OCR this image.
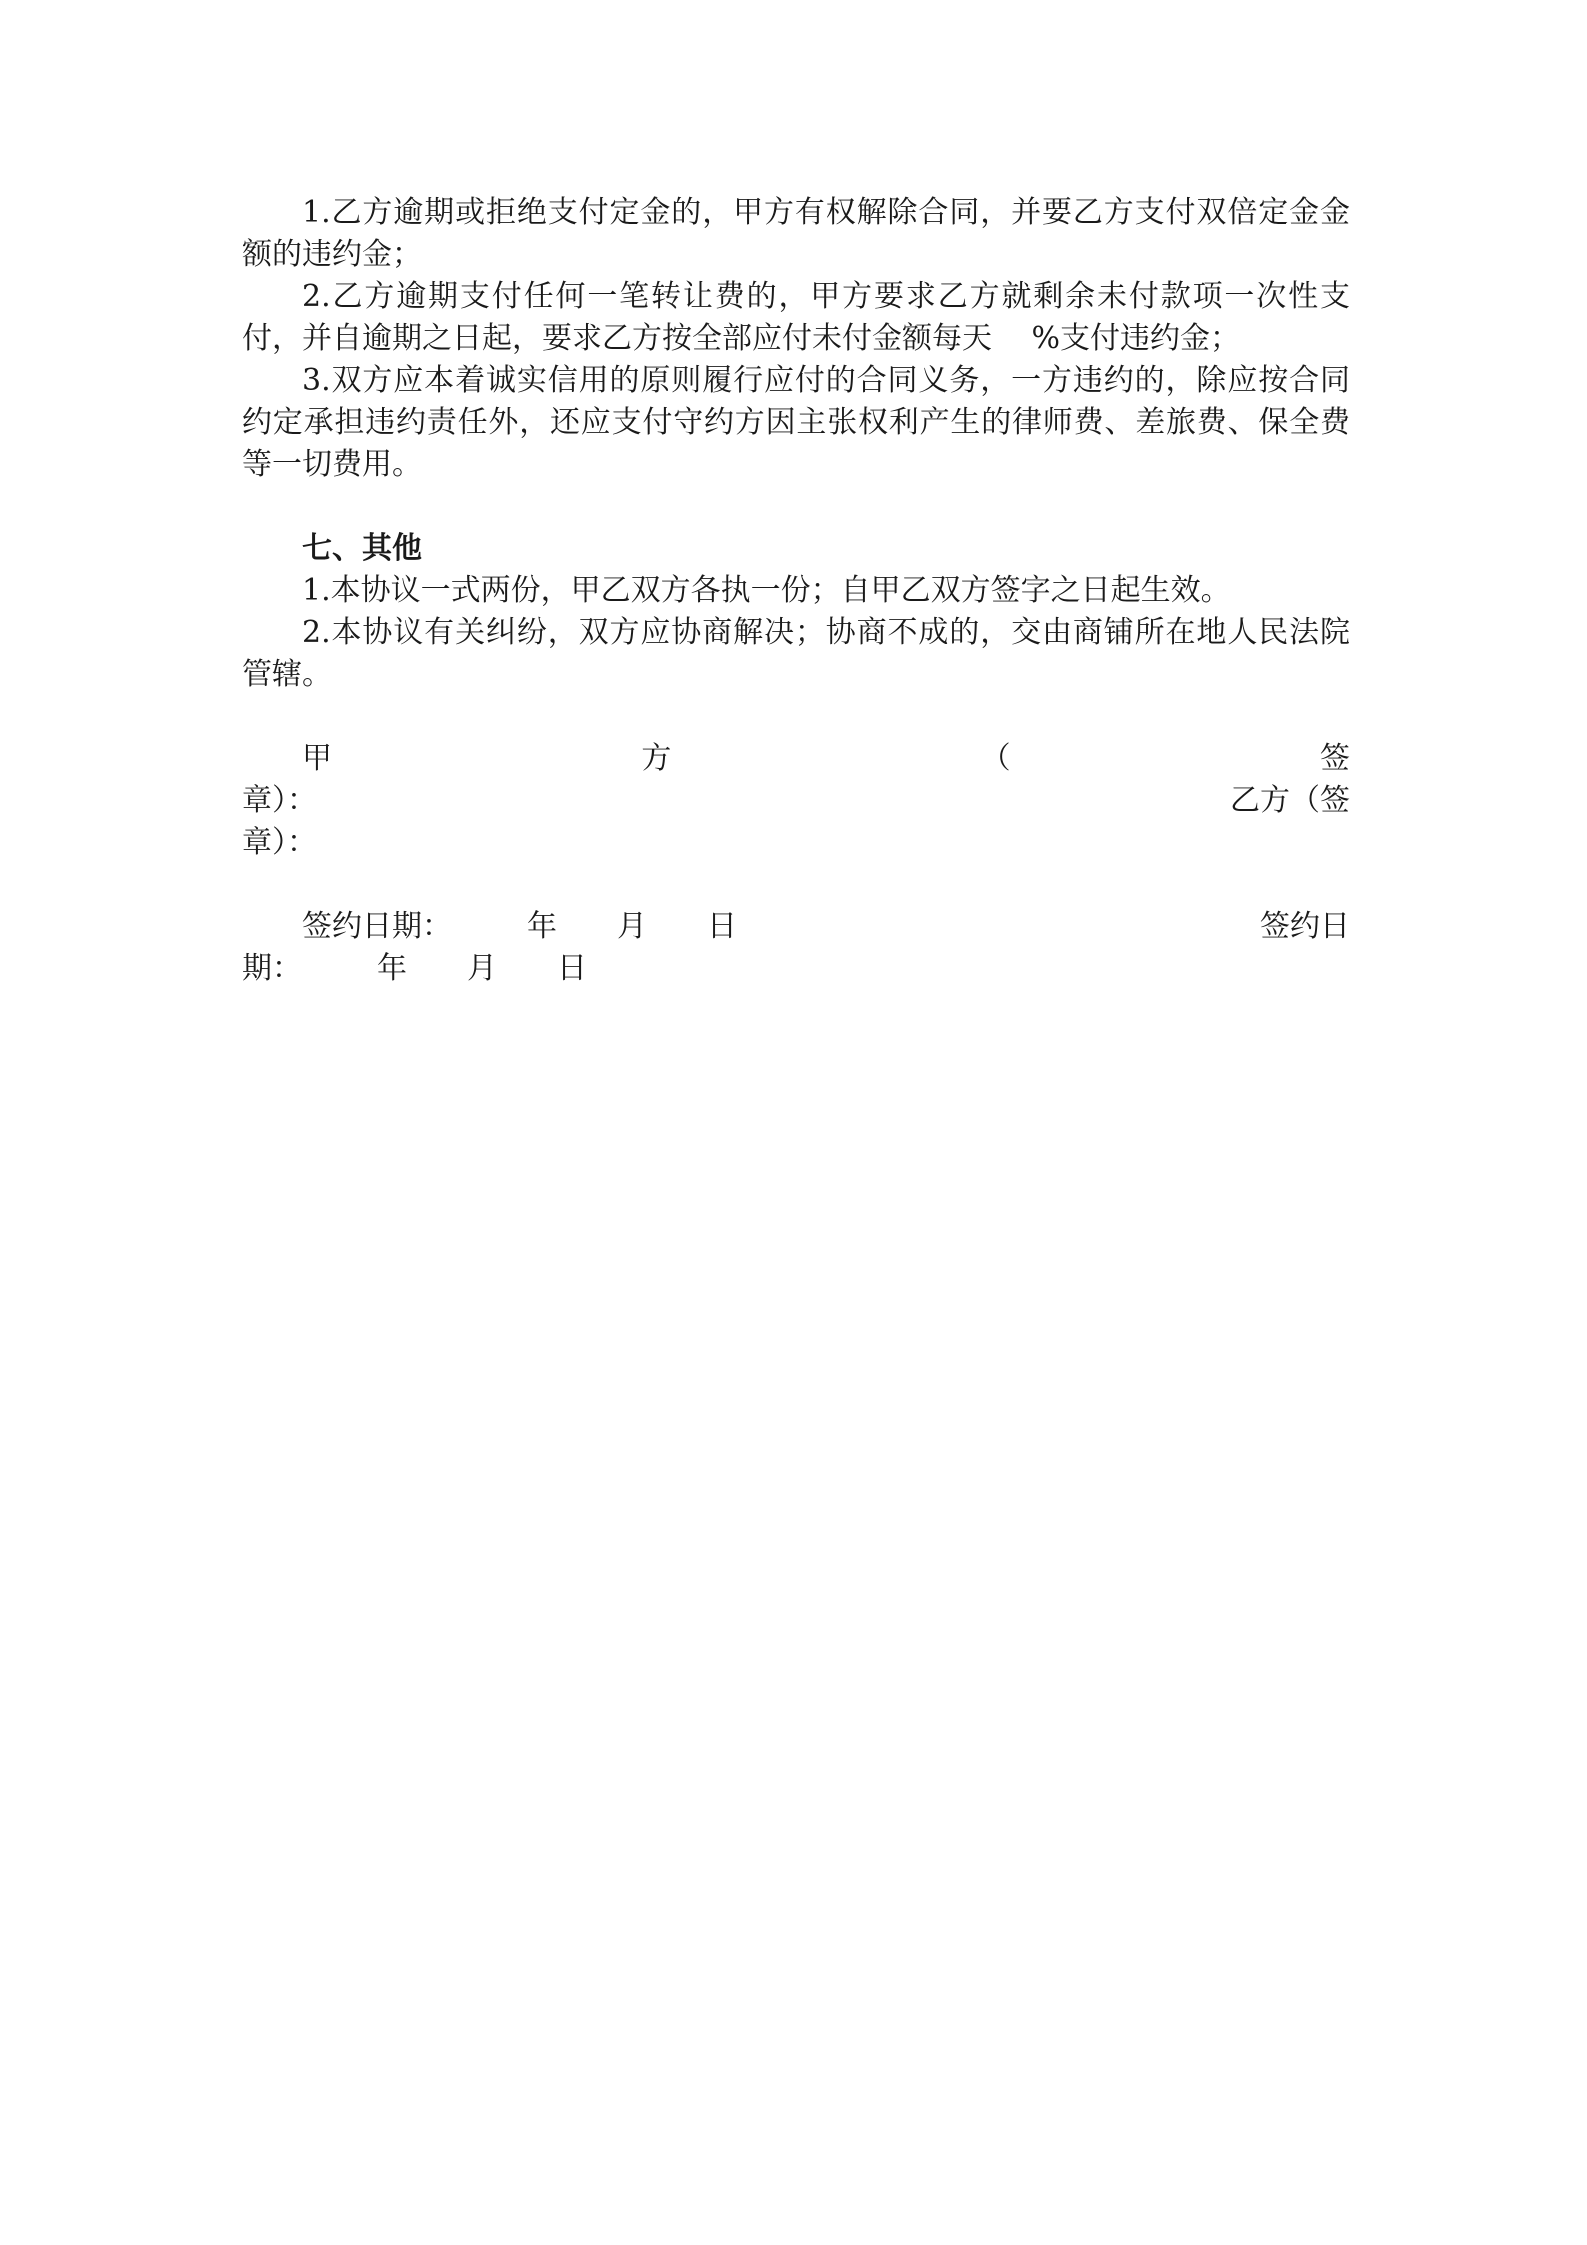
1.乙方逾期或拒绝支付定金的，甲方有权解除合同，并要乙方支付双倍定金金额的违约金；

2.乙方逾期支付任何一笔转让费的，甲方要求乙方就剩余未付款项一次性支付，并自逾期之日起，要求乙方按全部应付未付金额每天　 %支付违约金；

3.双方应本着诚实信用的原则履行应付的合同义务，一方违约的，除应按合同约定承担违约责任外，还应支付守约方因主张权利产生的律师费、差旅费、保全费等一切费用。

七、其他

1.本协议一式两份，甲乙双方各执一份；自甲乙双方签字之日起生效。

2.本协议有关纠纷，双方应协商解决；协商不成的，交由商铺所在地人民法院管辖。

甲	方	（	签
章）：	乙方（签
章）：
签约日期：　　　年　　月　　日	签约日
期：　　　年　　月　　日
